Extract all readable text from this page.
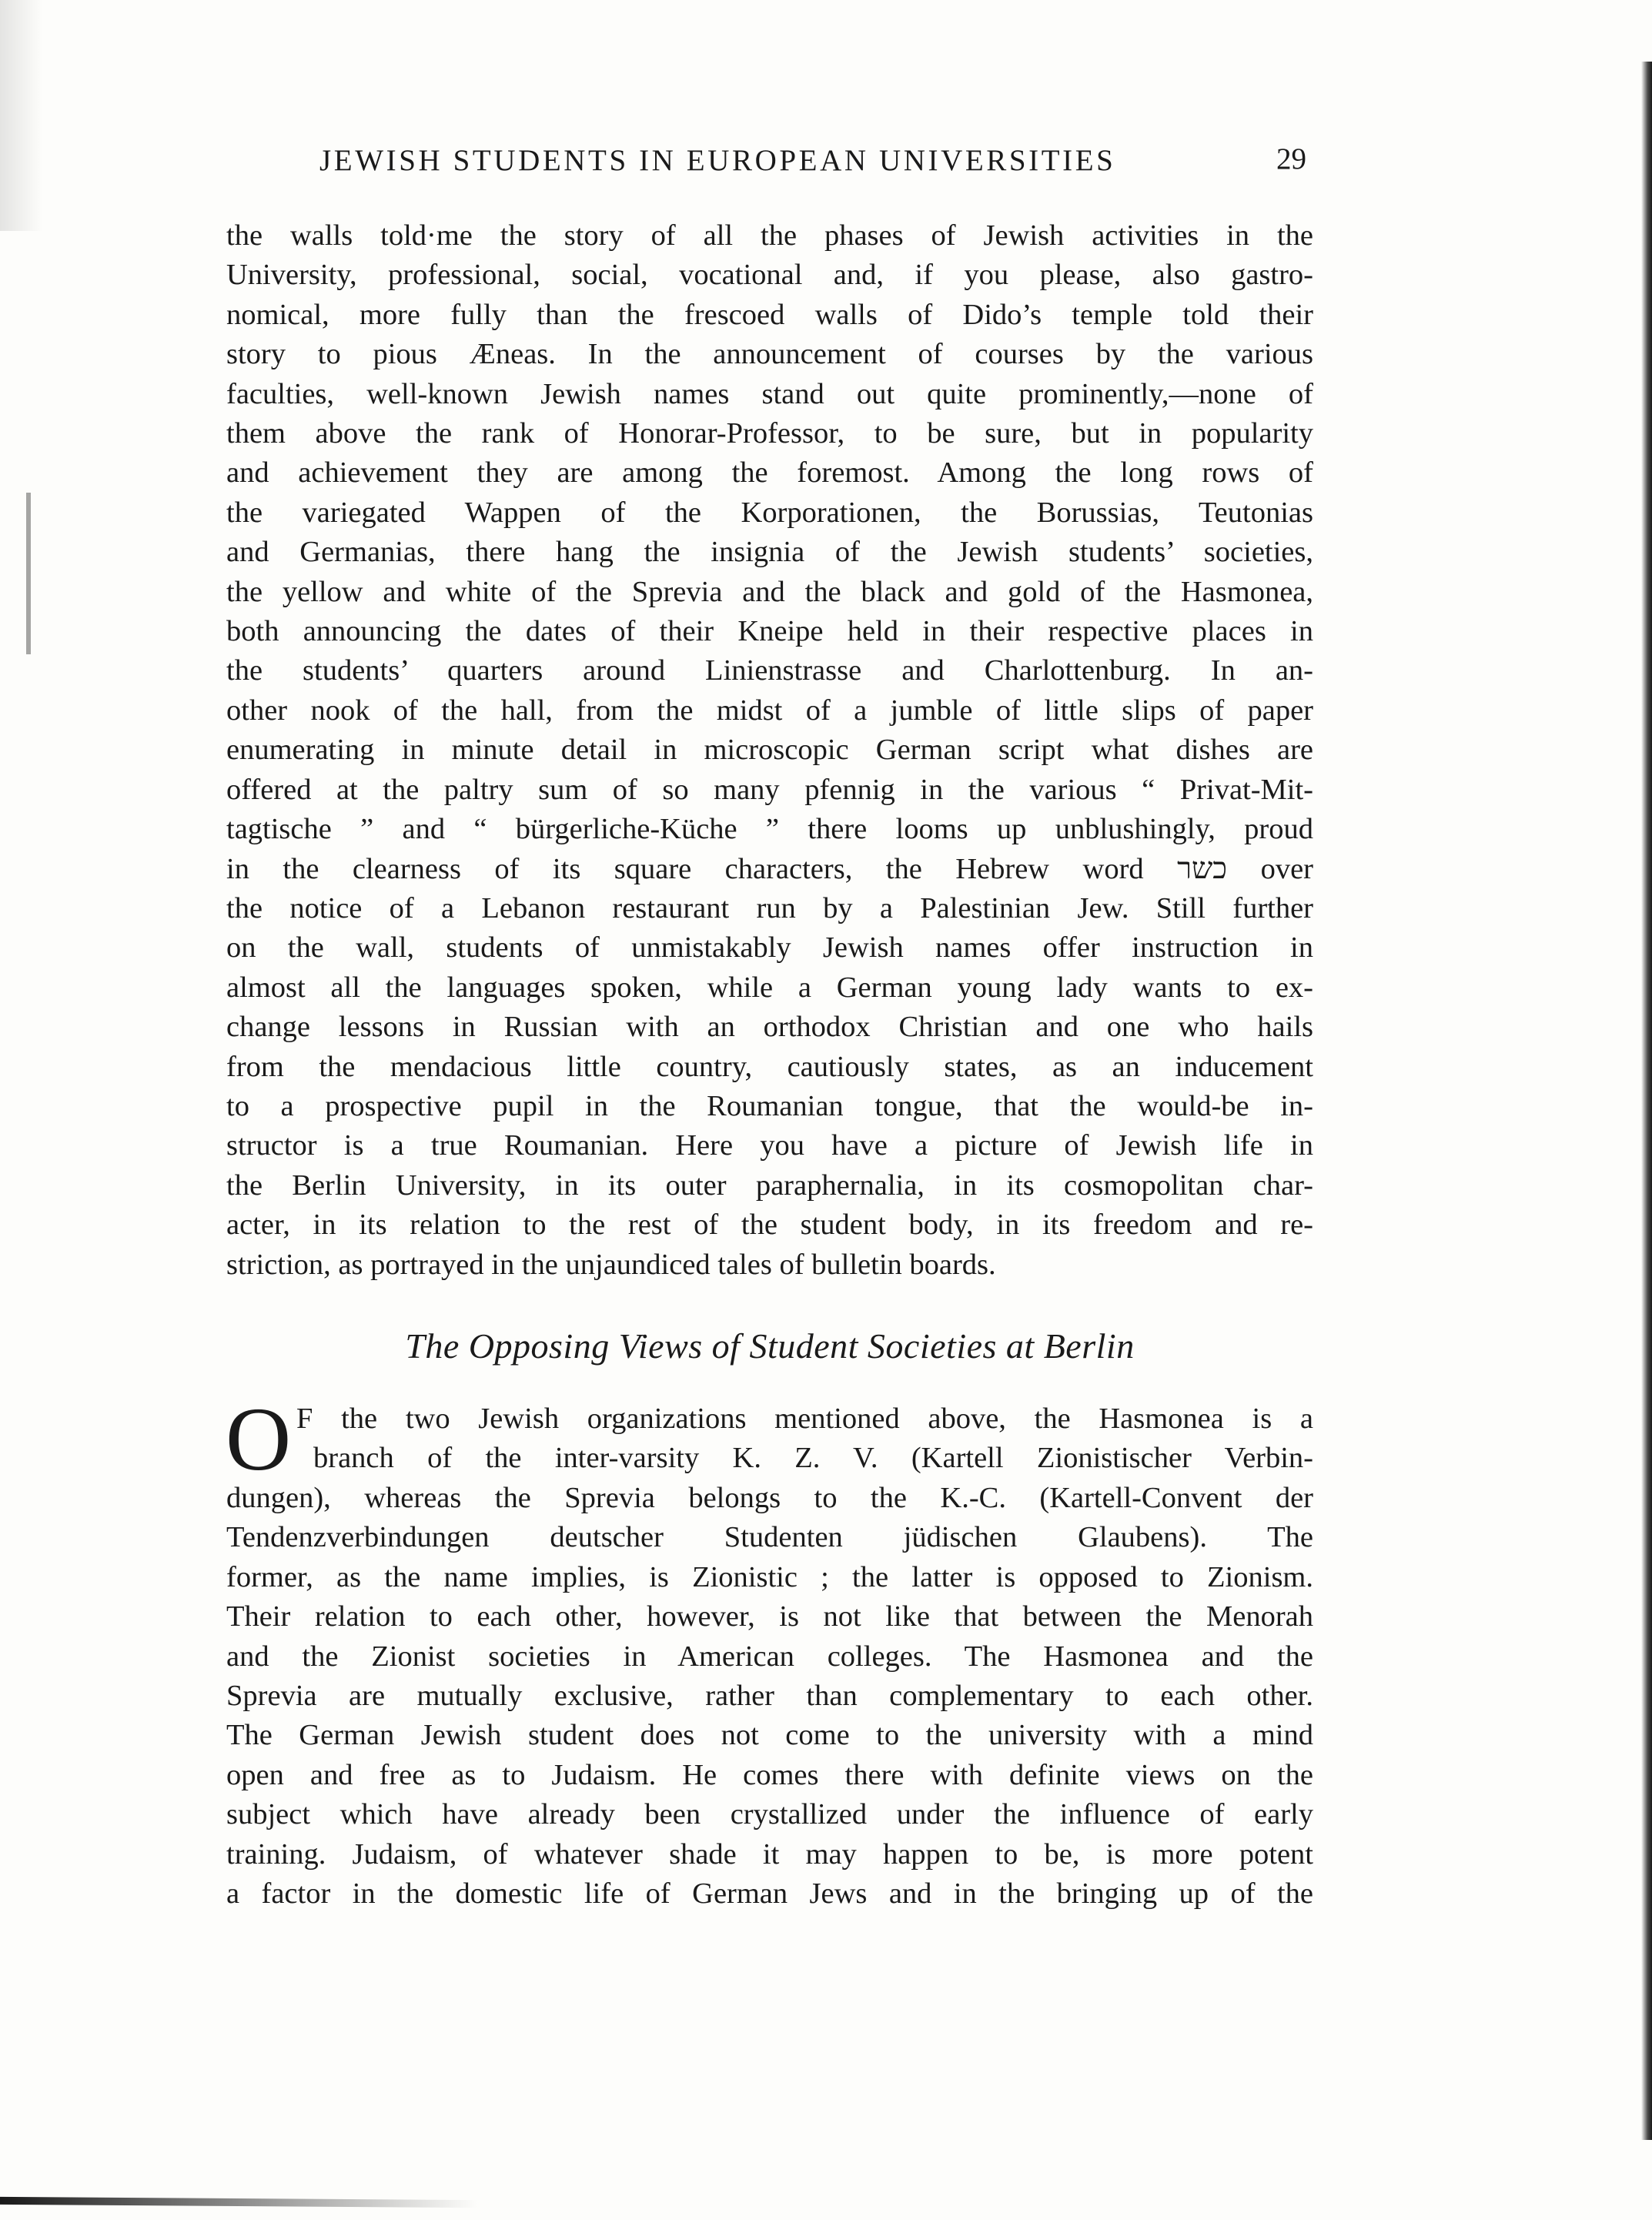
JEWISH STUDENTS IN EUROPEAN UNIVERSITIES	29
the walls told·me the story of all the phases of Jewish activities in the
University, professional, social, vocational and, if you please, also gastro-
nomical, more fully than the frescoed walls of Dido’s temple told their
story to pious Æneas. In the announcement of courses by the various
faculties, well-known Jewish names stand out quite prominently,—none of
them above the rank of Honorar-Professor, to be sure, but in popularity
and achievement they are among the foremost. Among the long rows of
the variegated Wappen of the Korporationen, the Borussias, Teutonias
and Germanias, there hang the insignia of the Jewish students’ societies,
the yellow and white of the Sprevia and the black and gold of the Hasmonea,
both announcing the dates of their Kneipe held in their respective places in
the students’ quarters around Linienstrasse and Charlottenburg. In an-
other nook of the hall, from the midst of a jumble of little slips of paper
enumerating in minute detail in microscopic German script what dishes are
offered at the paltry sum of so many pfennig in the various “ Privat-Mit-
tagtische ” and “ bürgerliche-Küche ” there looms up unblushingly, proud
in the clearness of its square characters, the Hebrew word כשר over
the notice of a Lebanon restaurant run by a Palestinian Jew. Still further
on the wall, students of unmistakably Jewish names offer instruction in
almost all the languages spoken, while a German young lady wants to ex-
change lessons in Russian with an orthodox Christian and one who hails
from the mendacious little country, cautiously states, as an inducement
to a prospective pupil in the Roumanian tongue, that the would-be in-
structor is a true Roumanian. Here you have a picture of Jewish life in
the Berlin University, in its outer paraphernalia, in its cosmopolitan char-
acter, in its relation to the rest of the student body, in its freedom and re-
striction, as portrayed in the unjaundiced tales of bulletin boards.
The Opposing Views of Student Societies at Berlin
O F the two Jewish organizations mentioned above, the Hasmonea is a
branch of the inter-varsity K. Z. V. (Kartell Zionistischer Verbin-
dungen), whereas the Sprevia belongs to the K.-C. (Kartell-Convent der
Tendenzverbindungen deutscher Studenten jüdischen Glaubens). The
former, as the name implies, is Zionistic ; the latter is opposed to Zionism.
Their relation to each other, however, is not like that between the Menorah
and the Zionist societies in American colleges. The Hasmonea and the
Sprevia are mutually exclusive, rather than complementary to each other.
The German Jewish student does not come to the university with a mind
open and free as to Judaism. He comes there with definite views on the
subject which have already been crystallized under the influence of early
training. Judaism, of whatever shade it may happen to be, is more potent
a factor in the domestic life of German Jews and in the bringing up of the
